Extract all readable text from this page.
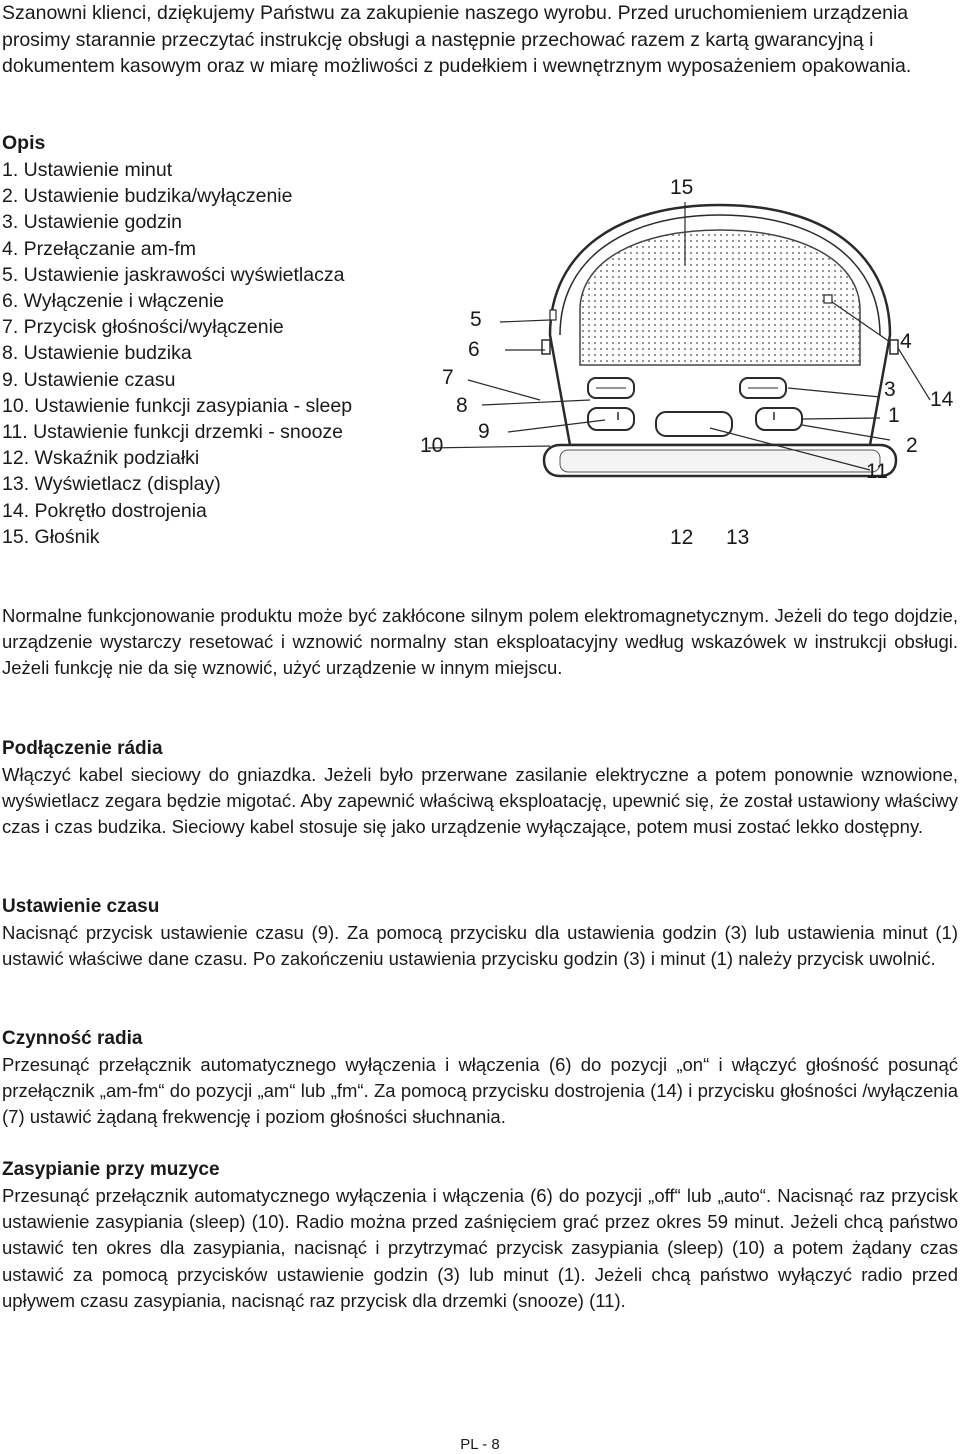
Szanowni klienci, dziękujemy Państwu za zakupienie naszego wyrobu. Przed uruchomieniem urządzenia prosimy starannie przeczytać instrukcję obsługi a następnie przechować razem z kartą gwarancyjną i dokumentem kasowym oraz w miarę możliwości z pudełkiem i wewnętrznym wyposażeniem opakowania.

Opis
1. Ustawienie minut
2. Ustawienie budzika/wyłączenie
3. Ustawienie godzin
4. Przełączanie am-fm
5. Ustawienie jaskrawości wyświetlacza
6. Wyłączenie i włączenie
7. Przycisk głośności/wyłączenie
8. Ustawienie budzika
9. Ustawienie czasu
10. Ustawienie funkcji zasypiania - sleep
11. Ustawienie funkcji drzemki - snooze
12. Wskaźnik podziałki
13. Wyświetlacz (display)
14. Pokrętło dostrojenia
15. Głośnik
15
5
6
7
8
9
10
4
3 14
1
2
11
12 13

Normalne funkcjonowanie produktu może być zakłócone silnym polem elektromagnetycznym. Jeżeli do tego dojdzie, urządzenie wystarczy resetować i wznowić normalny stan eksploatacyjny według wskazówek w instrukcji obsługi. Jeżeli funkcję nie da się wznowić, użyć urządzenie w innym miejscu.

Podłączenie rádia

Włączyć kabel sieciowy do gniazdka. Jeżeli było przerwane zasilanie elektryczne a potem ponownie wznowione, wyświetlacz zegara będzie migotać. Aby zapewnić właściwą eksploatację, upewnić się, że został ustawiony właściwy czas i czas budzika. Sieciowy kabel stosuje się jako urządzenie wyłączające, potem musi zostać lekko dostępny.

Ustawienie czasu

Nacisnąć przycisk ustawienie czasu (9). Za pomocą przycisku dla ustawienia godzin (3) lub ustawienia minut (1) ustawić właściwe dane czasu. Po zakończeniu ustawienia przycisku godzin (3) i minut (1) należy przycisk uwolnić.

Czynność radia

Przesunąć przełącznik automatycznego wyłączenia i włączenia (6) do pozycji „on“ i włączyć głośność posunąć przełącznik „am-fm“ do pozycji „am“ lub „fm“. Za pomocą przycisku dostrojenia (14) i przycisku głośności /wyłączenia (7) ustawić żądaną frekwencję i poziom głośności słuchnania.

Zasypianie przy muzyce

Przesunąć przełącznik automatycznego wyłączenia i włączenia (6) do pozycji „off“ lub „auto“. Nacisnąć raz przycisk ustawienie zasypiania (sleep) (10). Radio można przed zaśnięciem grać przez okres 59 minut. Jeżeli chcą państwo ustawić ten okres dla zasypiania, nacisnąć i przytrzymać przycisk zasypiania (sleep) (10) a potem żądany czas ustawić za pomocą przycisków ustawienie godzin (3) lub minut (1). Jeżeli chcą państwo wyłączyć radio przed upływem czasu zasypiania, nacisnąć raz przycisk dla drzemki (snooze) (11).

PL - 8
